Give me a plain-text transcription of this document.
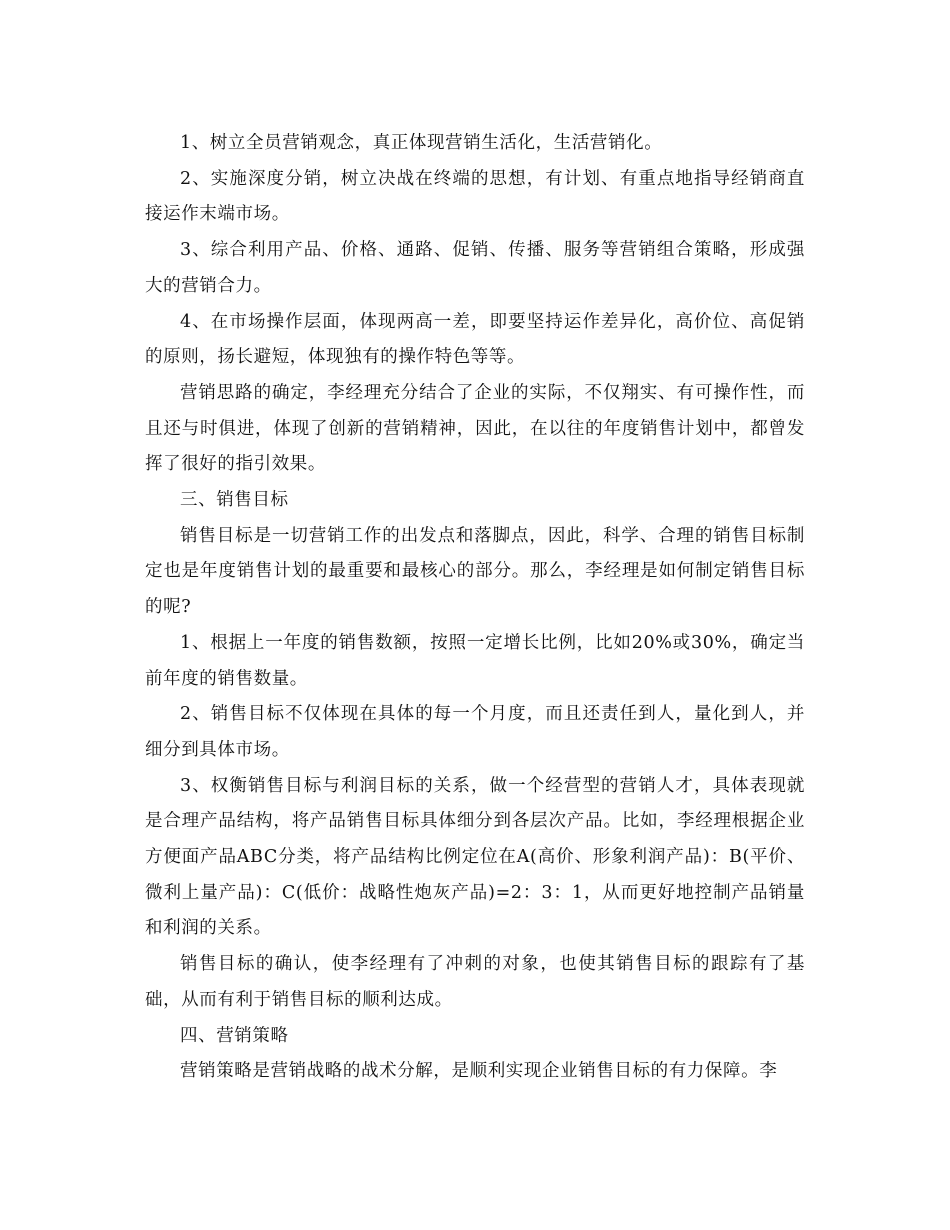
1、树立全员营销观念，真正体现营销生活化，生活营销化。

2、实施深度分销，树立决战在终端的思想，有计划、有重点地指导经销商直接运作末端市场。

3、综合利用产品、价格、通路、促销、传播、服务等营销组合策略，形成强大的营销合力。

4、在市场操作层面，体现两高一差，即要坚持运作差异化，高价位、高促销的原则，扬长避短，体现独有的操作特色等等。

营销思路的确定，李经理充分结合了企业的实际，不仅翔实、有可操作性，而且还与时俱进，体现了创新的营销精神，因此，在以往的年度销售计划中，都曾发挥了很好的指引效果。

三、销售目标

销售目标是一切营销工作的出发点和落脚点，因此，科学、合理的销售目标制定也是年度销售计划的最重要和最核心的部分。那么，李经理是如何制定销售目标的呢?

1、根据上一年度的销售数额，按照一定增长比例，比如20%或30%，确定当前年度的销售数量。

2、销售目标不仅体现在具体的每一个月度，而且还责任到人，量化到人，并细分到具体市场。

3、权衡销售目标与利润目标的关系，做一个经营型的营销人才，具体表现就是合理产品结构，将产品销售目标具体细分到各层次产品。比如，李经理根据企业方便面产品ABC分类，将产品结构比例定位在A(高价、形象利润产品)：B(平价、微利上量产品)：C(低价：战略性炮灰产品)=2：3：1，从而更好地控制产品销量和利润的关系。

销售目标的确认，使李经理有了冲刺的对象，也使其销售目标的跟踪有了基础，从而有利于销售目标的顺利达成。

四、营销策略

营销策略是营销战略的战术分解，是顺利实现企业销售目标的有力保障。李
